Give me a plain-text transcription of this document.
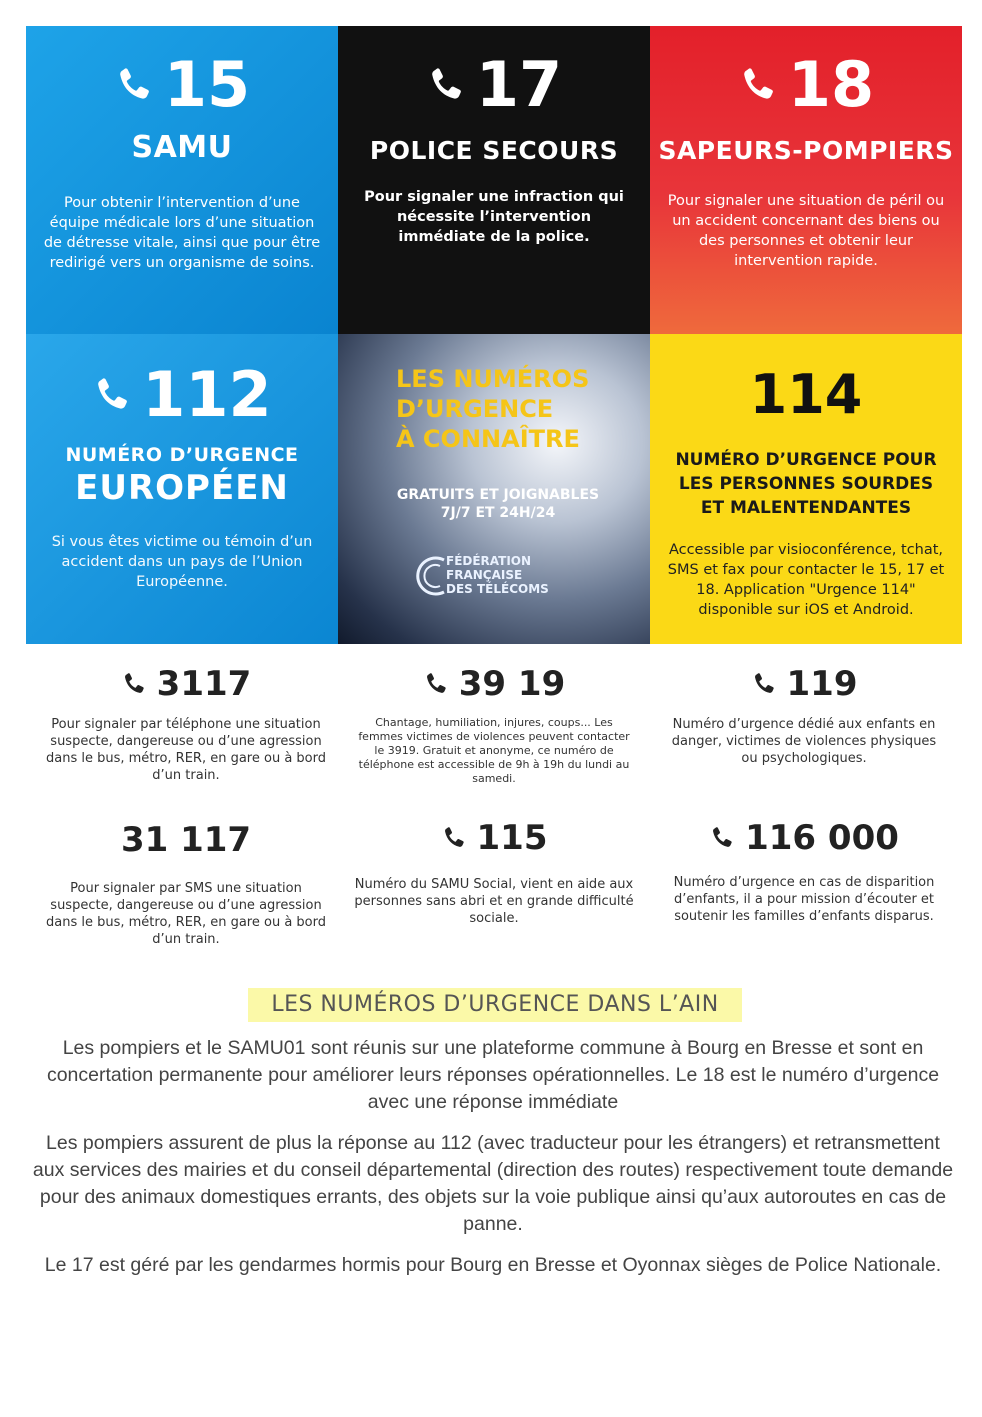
15
SAMU
Pour obtenir l’intervention d’une équipe médicale lors d’une situation de détresse vitale, ainsi que pour être redirigé vers un organisme de soins.
17
POLICE SECOURS
Pour signaler une infraction qui nécessite l’intervention immédiate de la police.
18
SAPEURS-POMPIERS
Pour signaler une situation de péril ou un accident concernant des biens ou des personnes et obtenir leur intervention rapide.
112
NUMÉRO D’URGENCE
EUROPÉEN
Si vous êtes victime ou témoin d’un accident dans un pays de l’Union Européenne.
LES NUMÉROS
D’URGENCE
À CONNAÎTRE
GRATUITS ET JOIGNABLES
7J/7 ET 24H/24
FÉDÉRATION
FRANÇAISE
DES TÉLÉCOMS
114
NUMÉRO D’URGENCE POUR LES PERSONNES SOURDES ET MALENTENDANTES
Accessible par visioconférence, tchat, SMS et fax pour contacter le 15, 17 et 18. Application "Urgence 114" disponible sur iOS et Android.
3117
Pour signaler par téléphone une situation suspecte, dangereuse ou d’une agression dans le bus, métro, RER, en gare ou à bord d’un train.
39 19
Chantage, humiliation, injures, coups... Les femmes victimes de violences peuvent contacter le 3919. Gratuit et anonyme, ce numéro de téléphone est accessible de 9h à 19h du lundi au samedi.
119
Numéro d’urgence dédié aux enfants en danger, victimes de violences physiques ou psychologiques.
31 117
Pour signaler par SMS une situation suspecte, dangereuse ou d’une agression dans le bus, métro, RER, en gare ou à bord d’un train.
115
Numéro du SAMU Social, vient en aide aux personnes sans abri et en grande difficulté sociale.
116 000
Numéro d’urgence en cas de disparition d’enfants, il a pour mission d’écouter et soutenir les familles d’enfants disparus.
LES NUMÉROS D’URGENCE DANS L’AIN
Les pompiers et le SAMU01 sont réunis sur une plateforme commune à Bourg en Bresse et sont en concertation permanente pour améliorer leurs réponses opérationnelles. Le 18 est le numéro d’urgence avec une réponse immédiate
Les pompiers assurent de plus la réponse au 112 (avec traducteur pour les étrangers) et retransmettent aux services des mairies et du conseil départemental (direction des routes) respectivement toute demande pour des animaux domestiques errants, des objets sur la voie publique ainsi qu’aux autoroutes en cas de panne.
Le 17 est géré par les gendarmes hormis pour Bourg en Bresse et Oyonnax sièges de Police Nationale.
